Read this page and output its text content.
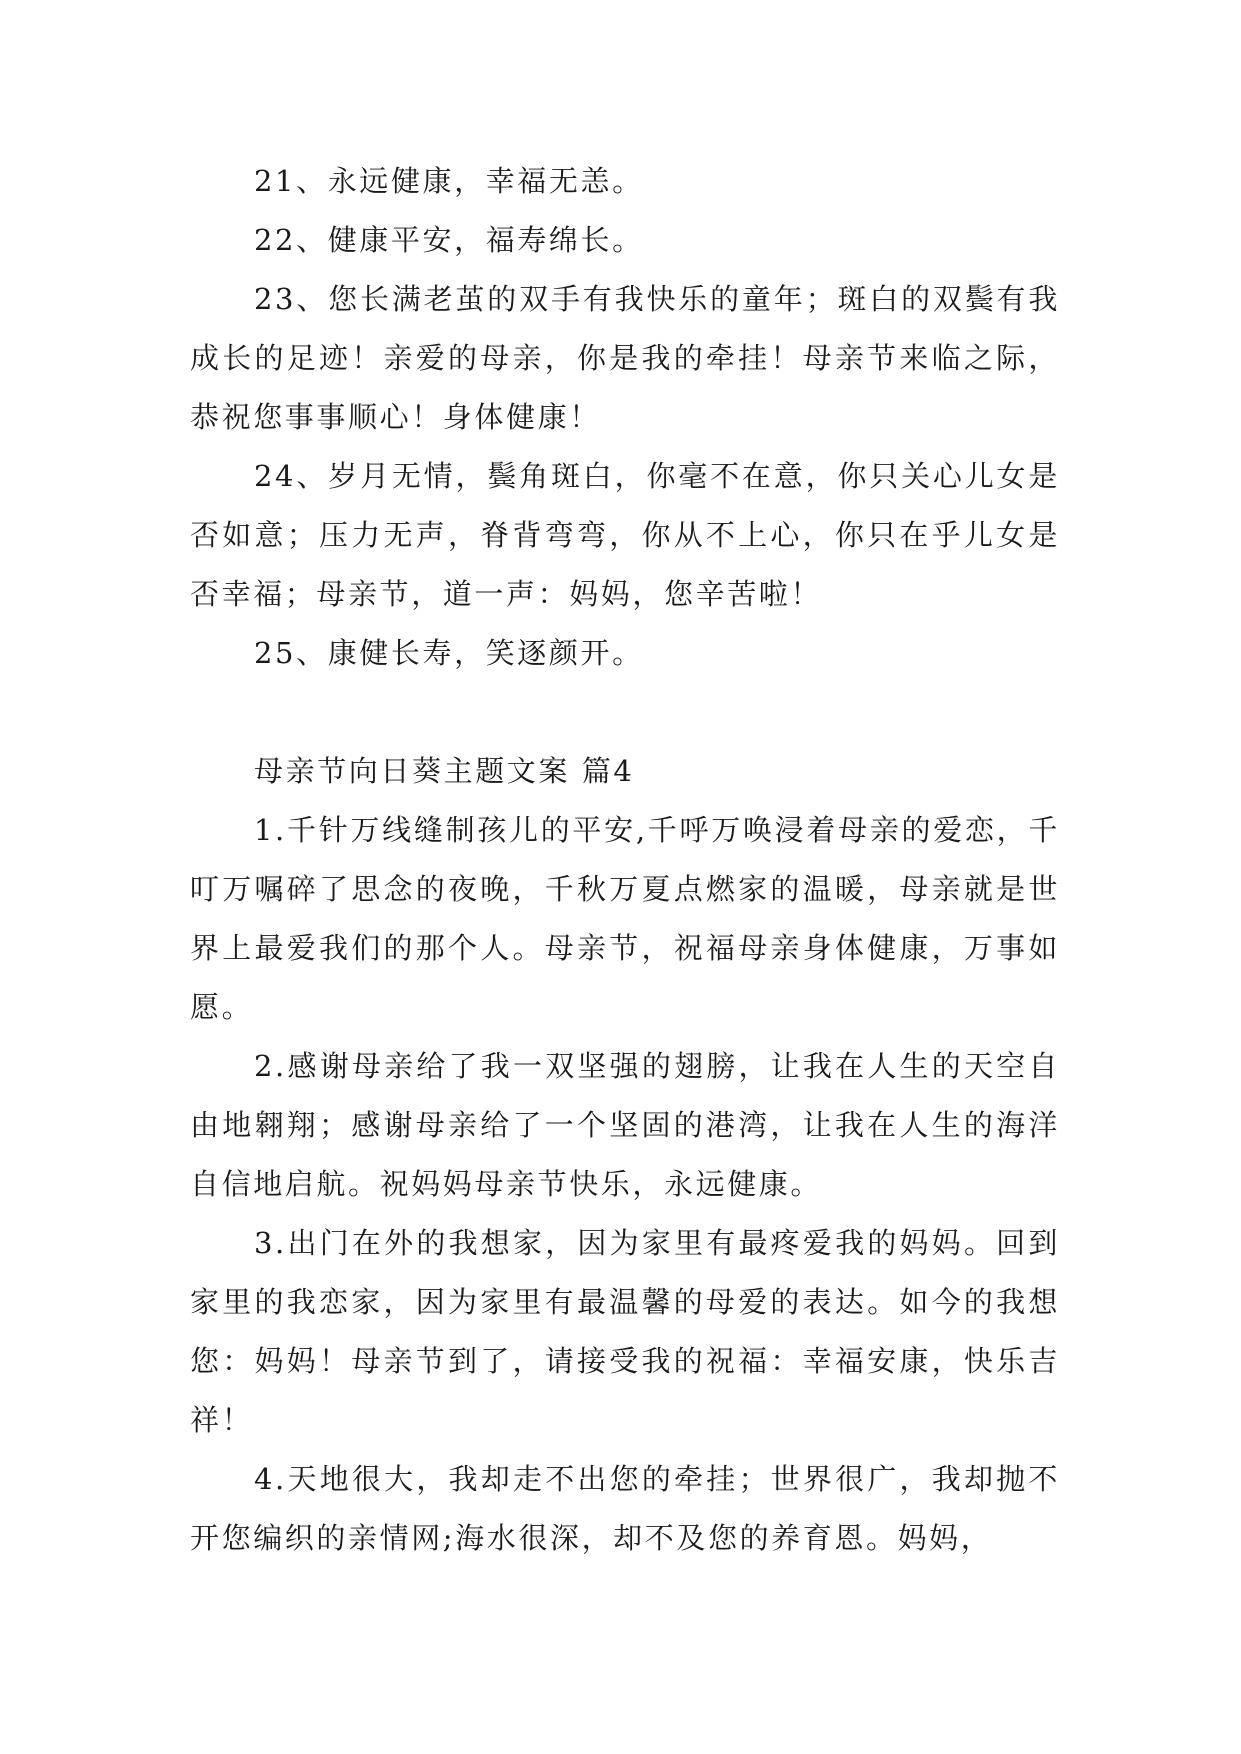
21、永远健康，幸福无恙。

22、健康平安，福寿绵长。

23、您长满老茧的双手有我快乐的童年；斑白的双鬓有我成长的足迹！亲爱的母亲，你是我的牵挂！母亲节来临之际，恭祝您事事顺心！身体健康！

24、岁月无情，鬓角斑白，你毫不在意，你只关心儿女是否如意；压力无声，脊背弯弯，你从不上心，你只在乎儿女是否幸福；母亲节，道一声：妈妈，您辛苦啦！

25、康健长寿，笑逐颜开。

母亲节向日葵主题文案 篇4

1.千针万线缝制孩儿的平安,千呼万唤浸着母亲的爱恋，千叮万嘱碎了思念的夜晚，千秋万夏点燃家的温暖，母亲就是世界上最爱我们的那个人。母亲节，祝福母亲身体健康，万事如愿。

2.感谢母亲给了我一双坚强的翅膀，让我在人生的天空自由地翱翔；感谢母亲给了一个坚固的港湾，让我在人生的海洋自信地启航。祝妈妈母亲节快乐，永远健康。

3.出门在外的我想家，因为家里有最疼爱我的妈妈。回到家里的我恋家，因为家里有最温馨的母爱的表达。如今的我想您：妈妈！母亲节到了，请接受我的祝福：幸福安康，快乐吉祥！

4.天地很大，我却走不出您的牵挂；世界很广，我却抛不开您编织的亲情网;海水很深，却不及您的养育恩。妈妈，
